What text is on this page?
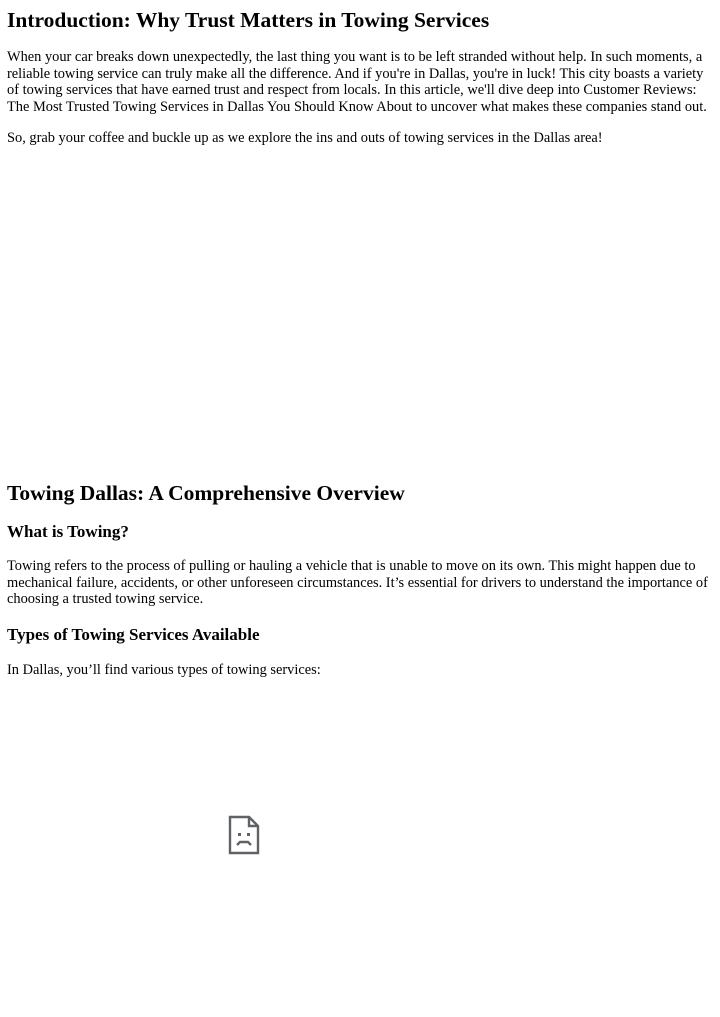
Introduction: Why Trust Matters in Towing Services

When your car breaks down unexpectedly, the last thing you want is to be left stranded without help. In such moments, a reliable towing service can truly make all the difference. And if you're in Dallas, you're in luck! This city boasts a variety of towing services that have earned trust and respect from locals. In this article, we'll dive deep into Customer Reviews: The Most Trusted Towing Services in Dallas You Should Know About to uncover what makes these companies stand out.

So, grab your coffee and buckle up as we explore the ins and outs of towing services in the Dallas area!

Towing Dallas: A Comprehensive Overview
What is Towing?

Towing refers to the process of pulling or hauling a vehicle that is unable to move on its own. This might happen due to mechanical failure, accidents, or other unforeseen circumstances. It’s essential for drivers to understand the importance of choosing a trusted towing service.

Types of Towing Services Available

In Dallas, you’ll find various types of towing services:
